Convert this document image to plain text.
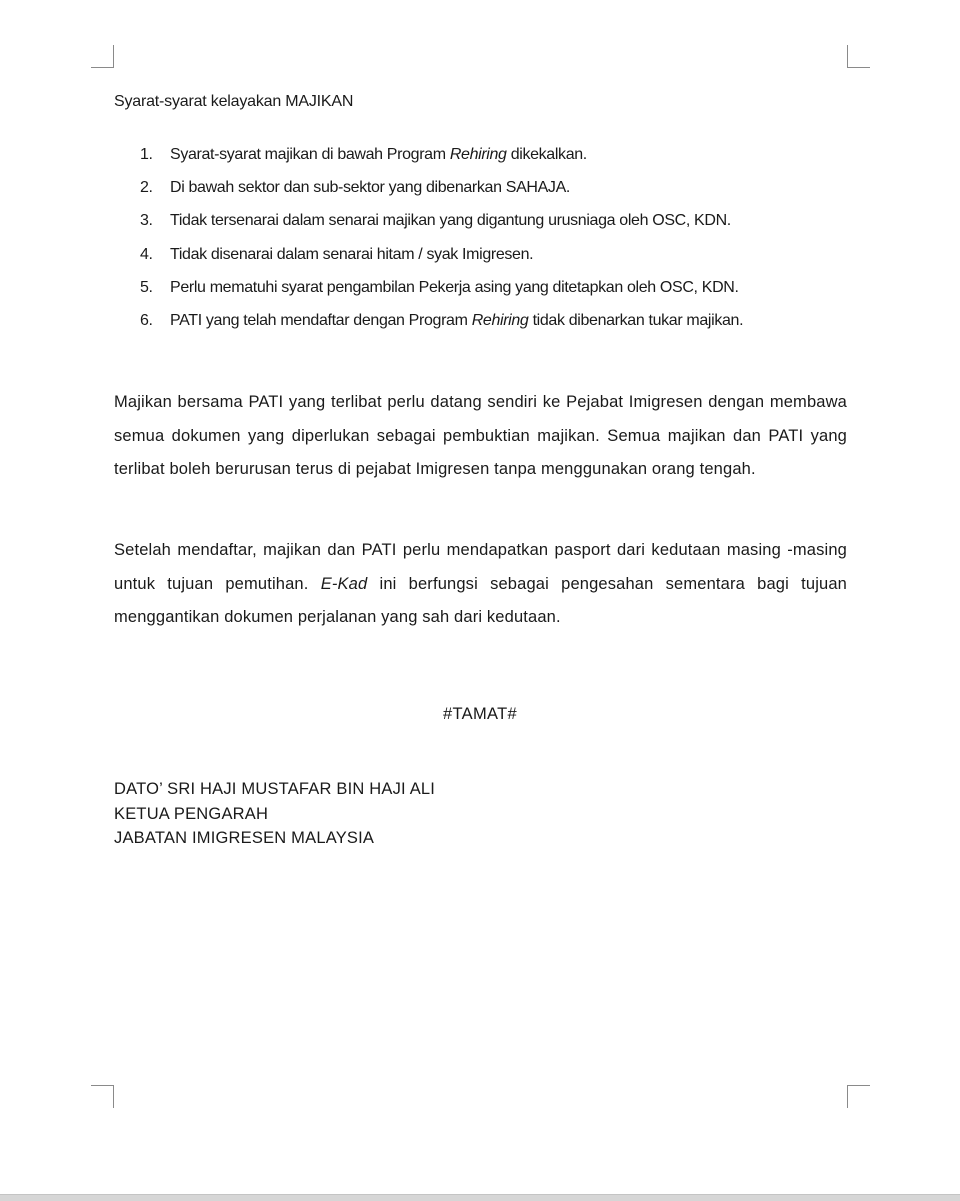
Syarat-syarat kelayakan MAJIKAN
1.	Syarat-syarat majikan di bawah Program Rehiring dikekalkan.
2.	Di bawah sektor dan sub-sektor yang dibenarkan SAHAJA.
3.	Tidak tersenarai dalam senarai majikan yang digantung urusniaga oleh OSC, KDN.
4.	Tidak disenarai dalam senarai hitam / syak Imigresen.
5.	Perlu mematuhi syarat pengambilan Pekerja asing yang ditetapkan oleh OSC, KDN.
6.	PATI yang telah mendaftar dengan Program Rehiring tidak dibenarkan tukar majikan.

Majikan bersama PATI yang terlibat perlu datang sendiri ke Pejabat Imigresen dengan membawa semua dokumen yang diperlukan sebagai pembuktian majikan. Semua majikan dan PATI yang terlibat boleh berurusan terus di pejabat Imigresen tanpa menggunakan orang tengah.

Setelah mendaftar, majikan dan PATI perlu mendapatkan pasport dari kedutaan masing -masing untuk tujuan pemutihan. E-Kad ini berfungsi sebagai pengesahan sementara bagi tujuan menggantikan dokumen perjalanan yang sah dari kedutaan.

#TAMAT#
DATO’ SRI HAJI MUSTAFAR BIN HAJI ALI
KETUA PENGARAH
JABATAN IMIGRESEN MALAYSIA
